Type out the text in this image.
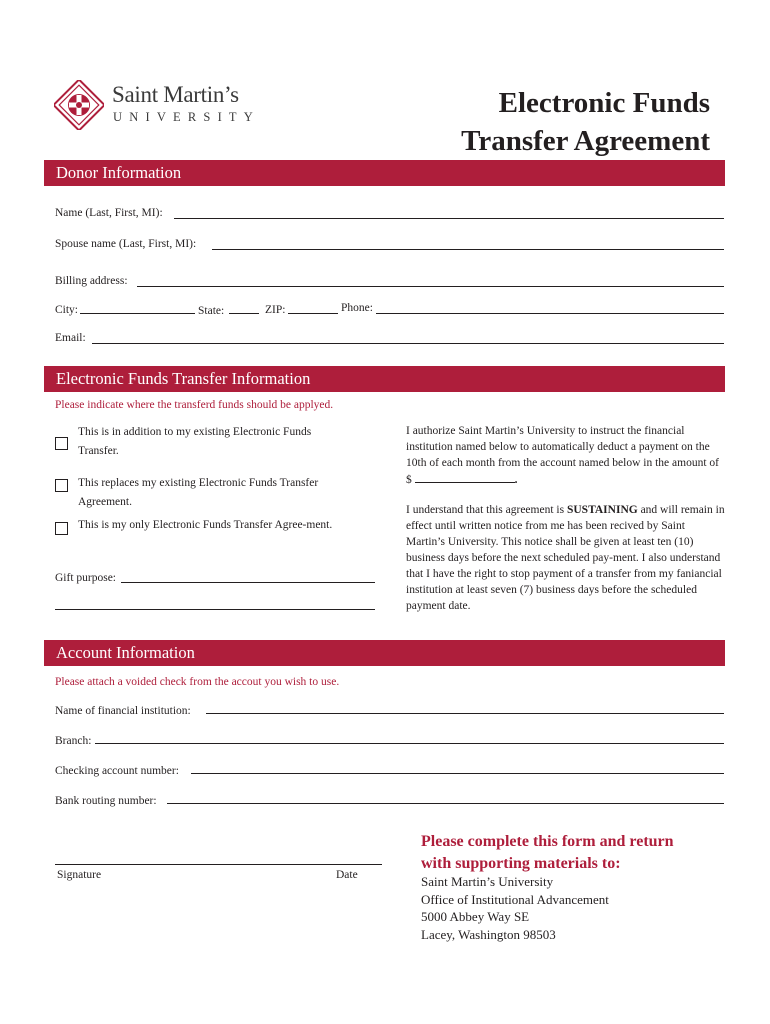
Saint Martin’s
UNIVERSITY	Electronic Funds
Transfer Agreement
Donor Information
Name (Last, First, MI):
Spouse name (Last, First, MI):
Billing address:
City:	State:	ZIP:	Phone:
Email:
Electronic Funds Transfer Information
Please indicate where the transferd funds should be applyed.
This is in addition to my existing Electronic Funds Transfer.
This replaces my existing Electronic Funds Transfer Agreement.
This is my only Electronic Funds Transfer Agree-ment.
Gift purpose:
I authorize Saint Martin’s University to instruct the financial institution named below to automatically deduct a payment on the 10th of each month from the account named below in the amount of $	.
I understand that this agreement is SUSTAINING and will remain in effect until written notice from me has been recived by Saint Martin’s University. This notice shall be given at least ten (10) business days before the next scheduled pay-ment. I also understand that I have the right to stop payment of a transfer from my faniancial institution at least seven (7) business days before the scheduled payment date.
Account Information
Please attach a voided check from the accout you wish to use.
Name of financial institution:
Branch:
Checking account number:
Bank routing number:
Signature	Date
Please complete this form and return
with supporting materials to:
Saint Martin’s University
Office of Institutional Advancement
5000 Abbey Way SE
Lacey, Washington 98503
